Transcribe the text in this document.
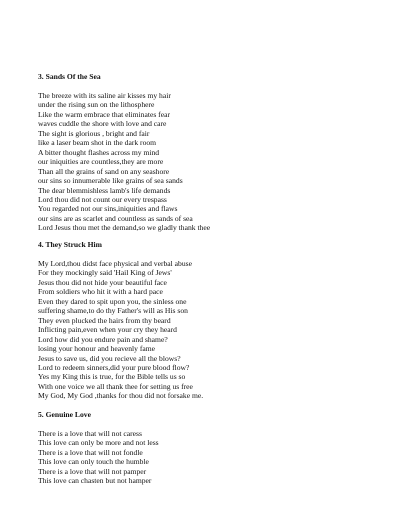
3. Sands Of the Sea
The breeze with its saline air kisses my hair
under the rising sun on the lithosphere
Like the warm embrace that eliminates fear
waves cuddle the shore with love and care
The sight is glorious , bright and fair
like a laser beam shot in the dark room
A bitter thought flashes across my mind
our iniquities are countless,they are more
Than all the grains of sand on any seashore
our sins so innumerable like grains of sea sands
The dear blemmishless lamb's life demands
Lord thou did not count our every trespass
You regarded not our sins,iniquities and flaws
our sins are as scarlet and countless as sands of sea
Lord Jesus thou met the demand,so we gladly thank thee
4. They Struck Him
My Lord,thou didst face physical and verbal abuse
For they mockingly said 'Hail King of Jews'
Jesus thou did not hide your beautiful face
From soldiers who hit it with a hard pace
Even they dared to spit upon you, the sinless one
suffering shame,to do thy Father's will as His son
They even plucked the hairs from thy beard
Inflicting pain,even when your cry they heard
Lord how did you endure pain and shame?
losing your honour and heavenly fame
Jesus to save us, did you recieve all the blows?
Lord to redeem sinners,did your pure blood flow?
Yes my King this is true, for the Bible tells us so
With one voice we all thank thee for setting us free
My God, My God ,thanks for thou did not forsake me.
5. Genuine Love
There is a love that will not caress
This love can only be more and not less
There is a love that will not fondle
This love can only touch the humble
There is a love that will not pamper
This love can chasten but not hamper
